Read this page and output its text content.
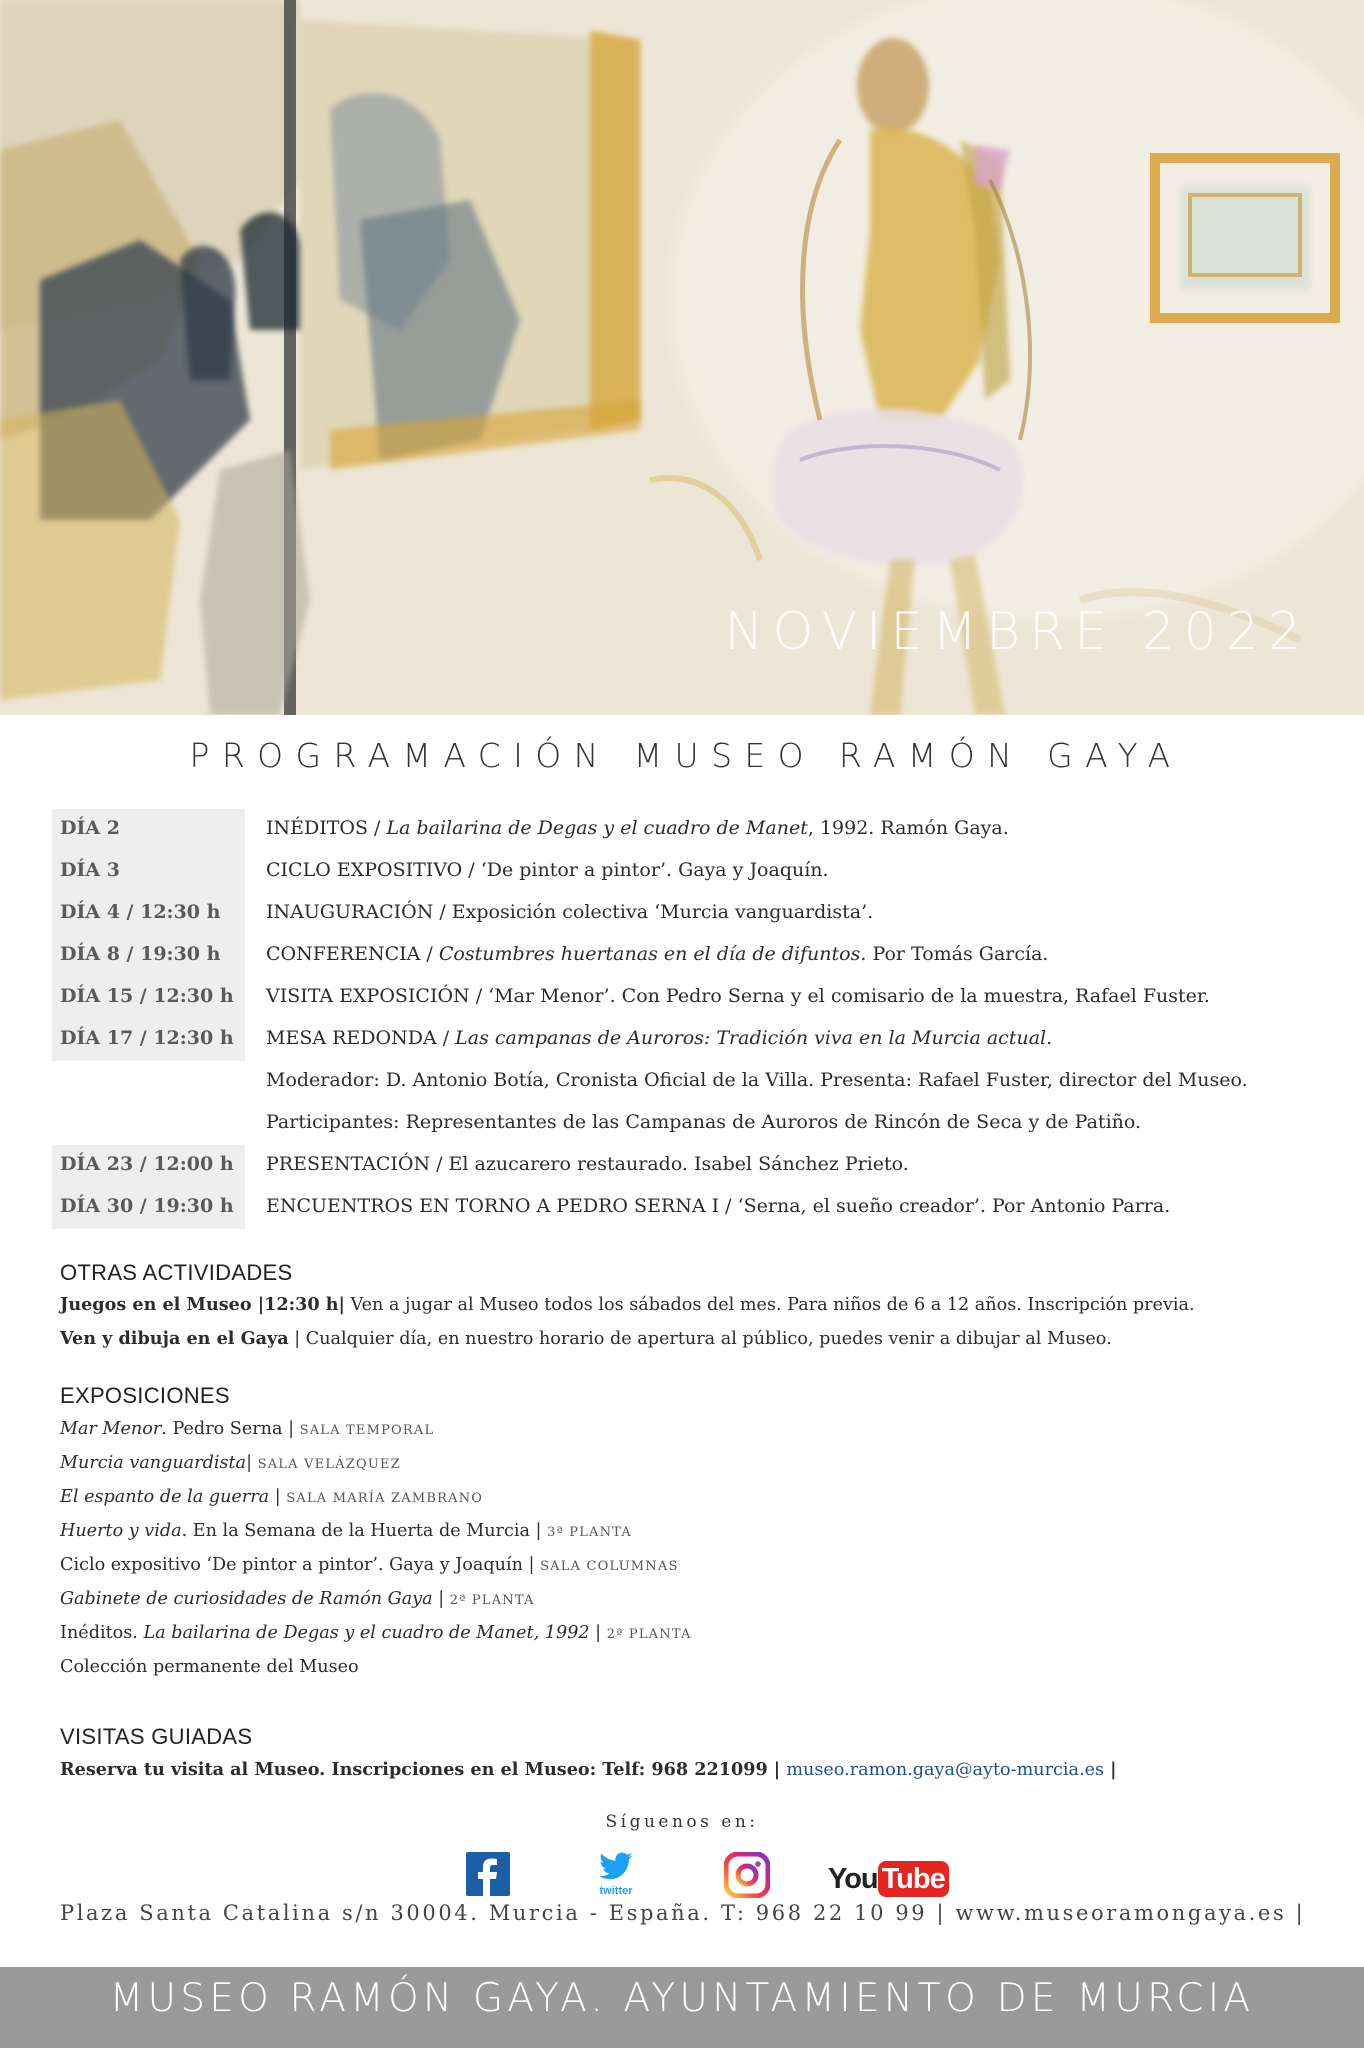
NOVIEMBRE 2022
PROGRAMACIÓN MUSEO RAMÓN GAYA
DÍA 2	INÉDITOS / La bailarina de Degas y el cuadro de Manet, 1992. Ramón Gaya.
DÍA 3	CICLO EXPOSITIVO / ‘De pintor a pintor’. Gaya y Joaquín.
DÍA 4 / 12:30 h	INAUGURACIÓN / Exposición colectiva ‘Murcia vanguardista’.
DÍA 8 / 19:30 h	CONFERENCIA / Costumbres huertanas en el día de difuntos. Por Tomás García.
DÍA 15 / 12:30 h	VISITA EXPOSICIÓN / ‘Mar Menor’. Con Pedro Serna y el comisario de la muestra, Rafael Fuster.
DÍA 17 / 12:30 h	MESA REDONDA / Las campanas de Auroros: Tradición viva en la Murcia actual.
Moderador: D. Antonio Botía, Cronista Oficial de la Villa. Presenta: Rafael Fuster, director del Museo.
Participantes: Representantes de las Campanas de Auroros de Rincón de Seca y de Patiño.
DÍA 23 / 12:00 h	PRESENTACIÓN / El azucarero restaurado. Isabel Sánchez Prieto.
DÍA 30 / 19:30 h	ENCUENTROS EN TORNO A PEDRO SERNA I / ‘Serna, el sueño creador’. Por Antonio Parra.
OTRAS ACTIVIDADES
Juegos en el Museo |12:30 h| Ven a jugar al Museo todos los sábados del mes. Para niños de 6 a 12 años. Inscripción previa.
Ven y dibuja en el Gaya | Cualquier día, en nuestro horario de apertura al público, puedes venir a dibujar al Museo.
EXPOSICIONES
Mar Menor. Pedro Serna | SALA TEMPORAL
Murcia vanguardista| SALA VELÁZQUEZ
El espanto de la guerra | SALA MARÍA ZAMBRANO
Huerto y vida. En la Semana de la Huerta de Murcia | 3ª PLANTA
Ciclo expositivo ‘De pintor a pintor’. Gaya y Joaquín | SALA COLUMNAS
Gabinete de curiosidades de Ramón Gaya | 2ª PLANTA
Inéditos. La bailarina de Degas y el cuadro de Manet, 1992 | 2ª PLANTA
Colección permanente del Museo
VISITAS GUIADAS
Reserva tu visita al Museo. Inscripciones en el Museo: Telf: 968 221099 | museo.ramon.gaya@ayto-murcia.es |
Síguenos en:
twitter	You Tube
Plaza Santa Catalina s/n 30004. Murcia - España. T: 968 22 10 99 | www.museoramongaya.es |
MUSEO RAMÓN GAYA. AYUNTAMIENTO DE MURCIA
